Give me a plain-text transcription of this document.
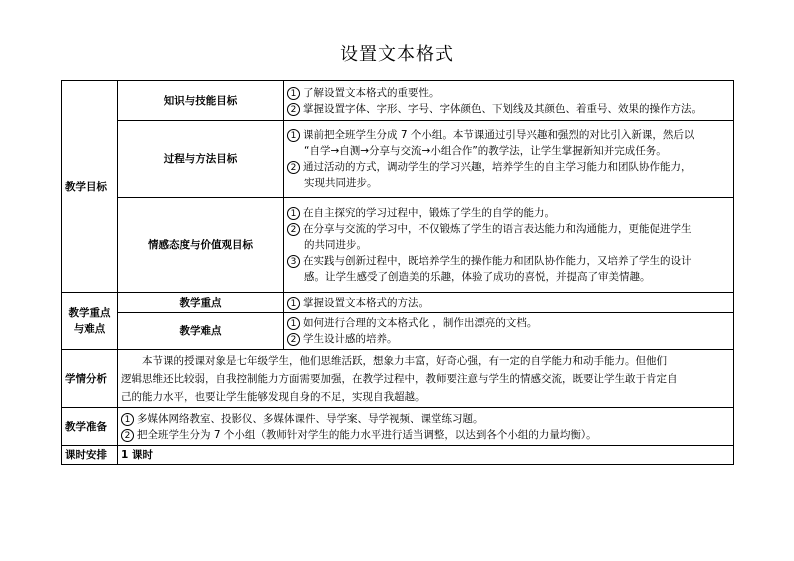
设置文本格式
教学目标	知识与技能目标	1 了解设置文本格式的重要性。
2 掌握设置字体、字形、字号、字体颜色、下划线及其颜色、着重号、效果的操作方法。

	过程与方法目标	1 课前把全班学生分成 7 个小组。本节课通过引导兴趣和强烈的对比引入新课，然后以
“自学→自测→分享与交流→小组合作”的教学法，让学生掌握新知并完成任务。
2 通过活动的方式，调动学生的学习兴趣，培养学生的自主学习能力和团队协作能力，
实现共同进步。

	情感态度与价值观目标	1 在自主探究的学习过程中，锻炼了学生的自学的能力。
2 在分享与交流的学习中，不仅锻炼了学生的语言表达能力和沟通能力，更能促进学生
的共同进步。
3 在实践与创新过程中，既培养学生的操作能力和团队协作能力，又培养了学生的设计
感。让学生感受了创造美的乐趣，体验了成功的喜悦，并提高了审美情趣。

教学重点
与难点	教学重点	1 掌握设置文本格式的方法。

	教学难点	1 如何进行合理的文本格式化 ，制作出漂亮的文档。
2 学生设计感的培养。

学情分析	本节课的授课对象是七年级学生，他们思维活跃，想象力丰富，好奇心强，有一定的自学能力和动手能力。但他们
逻辑思维还比较弱，自我控制能力方面需要加强，在教学过程中，教师要注意与学生的情感交流，既要让学生敢于肯定自
己的能力水平，也要让学生能够发现自身的不足，实现自我超越。	

教学准备	1 多媒体网络教室、投影仪、多媒体课件、导学案、导学视频、课堂练习题。
2 把全班学生分为 7 个小组（教师针对学生的能力水平进行适当调整，以达到各个小组的力量均衡）。	

课时安排	1 课时	
